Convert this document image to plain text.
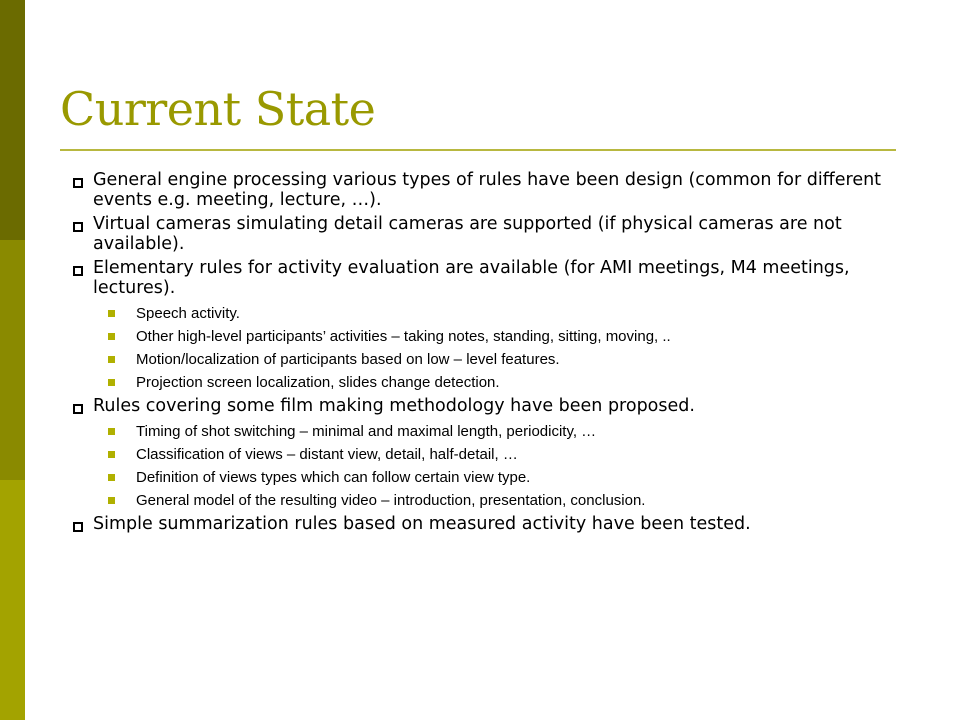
Current State
General engine processing various types of rules have been design (common for different events e.g. meeting, lecture, …).
Virtual cameras simulating detail cameras are supported (if physical cameras are not available).
Elementary rules for activity evaluation are available (for AMI meetings, M4 meetings, lectures).
Speech activity.
Other high-level participants’ activities – taking notes, standing, sitting, moving, ..
Motion/localization of participants based on low – level features.
Projection screen localization, slides change detection.
Rules covering some film making methodology have been proposed.
Timing of shot switching – minimal and maximal length, periodicity, …
Classification of views – distant view, detail, half-detail, …
Definition of views types which can follow certain view type.
General model of the resulting video – introduction, presentation, conclusion.
Simple summarization rules based on measured activity have been tested.
